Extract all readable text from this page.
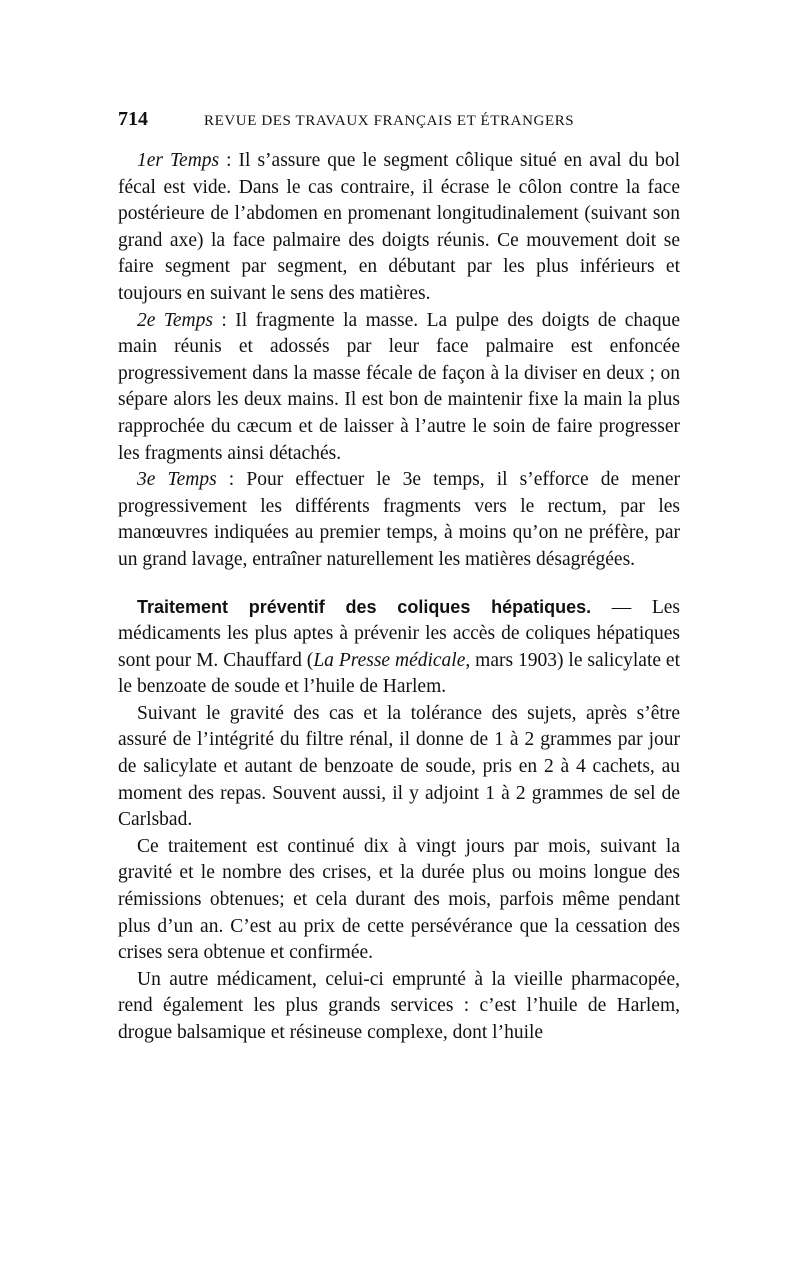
714	REVUE DES TRAVAUX FRANÇAIS ET ÉTRANGERS

1er Temps : Il s’assure que le segment côlique situé en aval du bol fécal est vide. Dans le cas contraire, il écrase le côlon contre la face postérieure de l’abdomen en promenant longitudinalement (suivant son grand axe) la face palmaire des doigts réunis. Ce mouvement doit se faire segment par segment, en débutant par les plus inférieurs et toujours en suivant le sens des matières.

2e Temps : Il fragmente la masse. La pulpe des doigts de chaque main réunis et adossés par leur face palmaire est enfoncée progressivement dans la masse fécale de façon à la diviser en deux ; on sépare alors les deux mains. Il est bon de maintenir fixe la main la plus rapprochée du cæcum et de laisser à l’autre le soin de faire progresser les fragments ainsi détachés.

3e Temps : Pour effectuer le 3e temps, il s’efforce de mener progressivement les différents fragments vers le rectum, par les manœuvres indiquées au premier temps, à moins qu’on ne préfère, par un grand lavage, entraîner naturellement les matières désagrégées.

Traitement préventif des coliques hépatiques. — Les médicaments les plus aptes à prévenir les accès de coliques hépatiques sont pour M. Chauffard (La Presse médicale, mars 1903) le salicylate et le benzoate de soude et l’huile de Harlem.

Suivant le gravité des cas et la tolérance des sujets, après s’être assuré de l’intégrité du filtre rénal, il donne de 1 à 2 grammes par jour de salicylate et autant de benzoate de soude, pris en 2 à 4 cachets, au moment des repas. Souvent aussi, il y adjoint 1 à 2 grammes de sel de Carlsbad.

Ce traitement est continué dix à vingt jours par mois, suivant la gravité et le nombre des crises, et la durée plus ou moins longue des rémissions obtenues; et cela durant des mois, parfois même pendant plus d’un an. C’est au prix de cette persévérance que la cessation des crises sera obtenue et confirmée.

Un autre médicament, celui-ci emprunté à la vieille pharmacopée, rend également les plus grands services : c’est l’huile de Harlem, drogue balsamique et résineuse complexe, dont l’huile
